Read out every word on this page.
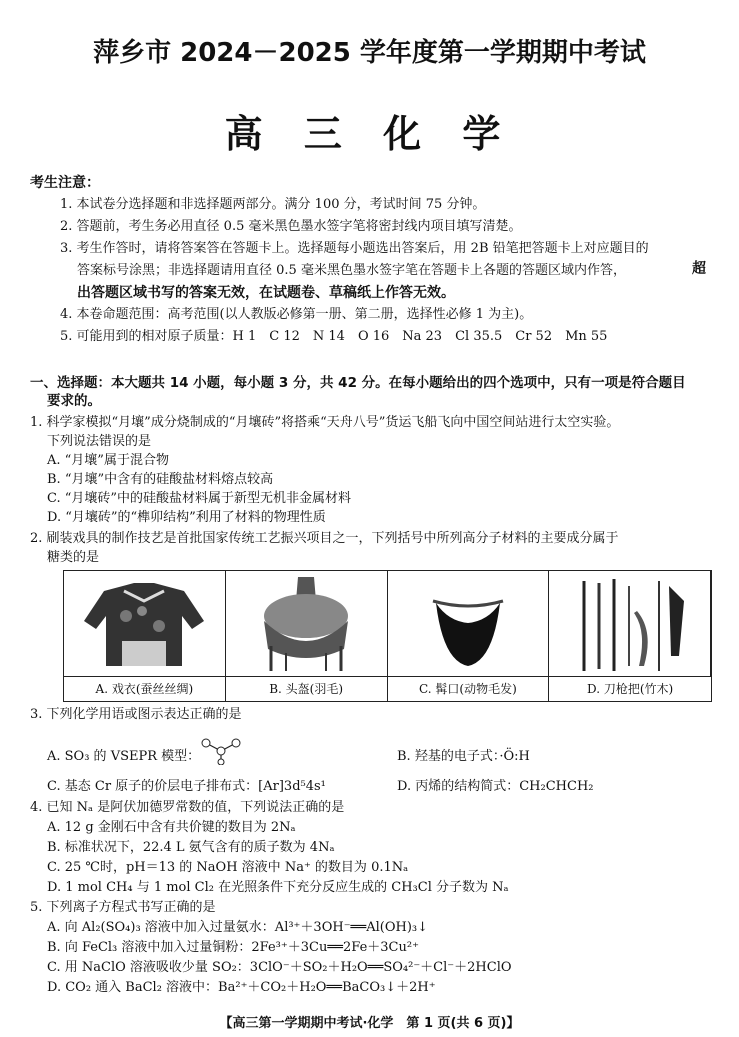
萍乡市 2024－2025 学年度第一学期期中考试
高 三 化 学
考生注意：
1. 本试卷分选择题和非选择题两部分。满分 100 分，考试时间 75 分钟。
2. 答题前，考生务必用直径 0.5 毫米黑色墨水签字笔将密封线内项目填写清楚。
3. 考生作答时，请将答案答在答题卡上。选择题每小题选出答案后，用 2B 铅笔把答题卡上对应题目的
答案标号涂黑；非选择题请用直径 0.5 毫米黑色墨水签字笔在答题卡上各题的答题区域内作答，	超
出答题区域书写的答案无效，在试题卷、草稿纸上作答无效。
4. 本卷命题范围：高考范围(以人教版必修第一册、第二册，选择性必修 1 为主)。
5. 可能用到的相对原子质量：H 1　C 12　N 14　O 16　Na 23　Cl 35.5　Cr 52　Mn 55
一、选择题：本大题共 14 小题，每小题 3 分，共 42 分。在每小题给出的四个选项中，只有一项是符合题目
要求的。
1. 科学家模拟“月壤”成分烧制成的“月壤砖”将搭乘“天舟八号”货运飞船飞向中国空间站进行太空实验。
下列说法错误的是
A. “月壤”属于混合物
B. “月壤”中含有的硅酸盐材料熔点较高
C. “月壤砖”中的硅酸盐材料属于新型无机非金属材料
D. “月壤砖”的“榫卯结构”利用了材料的物理性质
2. 刷装戏具的制作技艺是首批国家传统工艺振兴项目之一，下列括号中所列高分子材料的主要成分属于
糖类的是
A. 戏衣(蚕丝丝绸)	B. 头盔(羽毛)	C. 髯口(动物毛发)	D. 刀枪把(竹木)
3. 下列化学用语或图示表达正确的是
A. SO₃ 的 VSEPR 模型：	B. 羟基的电子式：·Ö:H
C. 基态 Cr 原子的价层电子排布式：[Ar]3d⁵4s¹	D. 丙烯的结构简式：CH₂CHCH₂
4. 已知 Nₐ 是阿伏加德罗常数的值，下列说法正确的是
A. 12 g 金刚石中含有共价键的数目为 2Nₐ
B. 标准状况下，22.4 L 氨气含有的质子数为 4Nₐ
C. 25 ℃时，pH＝13 的 NaOH 溶液中 Na⁺ 的数目为 0.1Nₐ
D. 1 mol CH₄ 与 1 mol Cl₂ 在光照条件下充分反应生成的 CH₃Cl 分子数为 Nₐ
5. 下列离子方程式书写正确的是
A. 向 Al₂(SO₄)₃ 溶液中加入过量氨水：Al³⁺＋3OH⁻══Al(OH)₃↓
B. 向 FeCl₃ 溶液中加入过量铜粉：2Fe³⁺＋3Cu══2Fe＋3Cu²⁺
C. 用 NaClO 溶液吸收少量 SO₂：3ClO⁻＋SO₂＋H₂O══SO₄²⁻＋Cl⁻＋2HClO
D. CO₂ 通入 BaCl₂ 溶液中：Ba²⁺＋CO₂＋H₂O══BaCO₃↓＋2H⁺
【高三第一学期期中考试·化学　第 1 页(共 6 页)】
